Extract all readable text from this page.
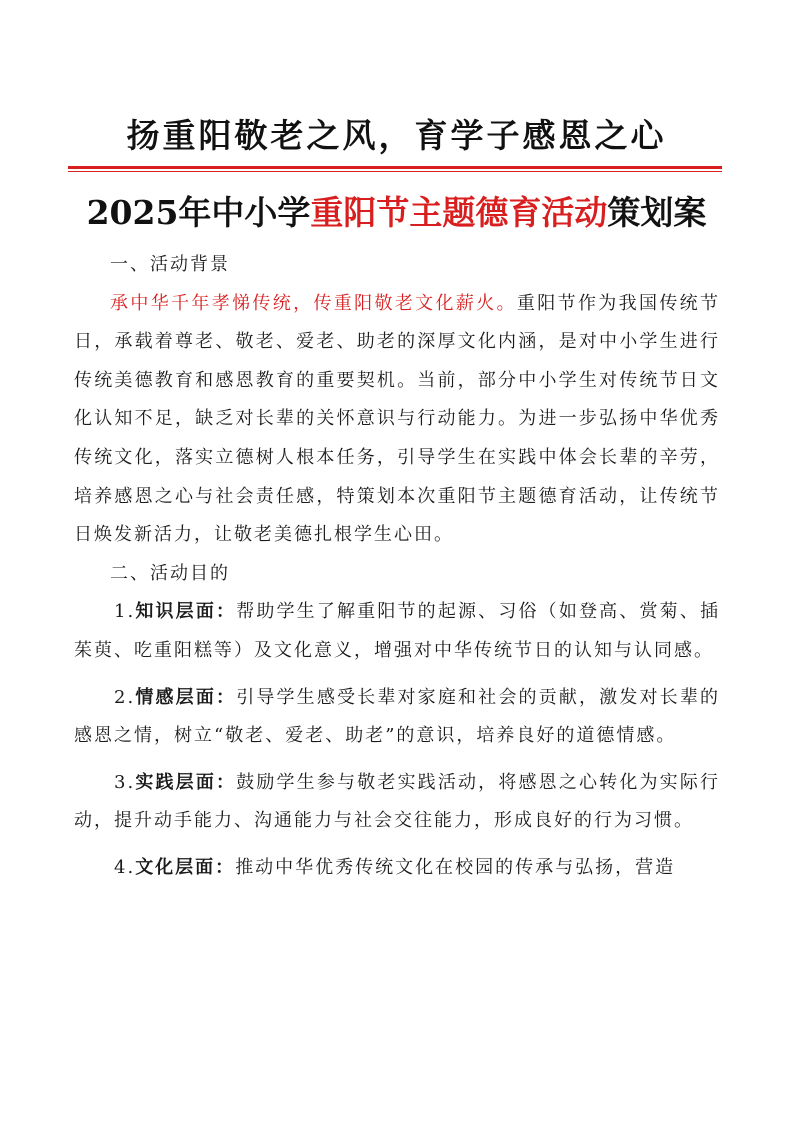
扬重阳敬老之风，育学子感恩之心
2025年中小学重阳节主题德育活动策划案

一、活动背景

承中华千年孝悌传统，传重阳敬老文化薪火。重阳节作为我国传统节日，承载着尊老、敬老、爱老、助老的深厚文化内涵，是对中小学生进行传统美德教育和感恩教育的重要契机。当前，部分中小学生对传统节日文化认知不足，缺乏对长辈的关怀意识与行动能力。为进一步弘扬中华优秀传统文化，落实立德树人根本任务，引导学生在实践中体会长辈的辛劳，培养感恩之心与社会责任感，特策划本次重阳节主题德育活动，让传统节日焕发新活力，让敬老美德扎根学生心田。

二、活动目的

1.知识层面：帮助学生了解重阳节的起源、习俗（如登高、赏菊、插茱萸、吃重阳糕等）及文化意义，增强对中华传统节日的认知与认同感。

2.情感层面：引导学生感受长辈对家庭和社会的贡献，激发对长辈的感恩之情，树立“敬老、爱老、助老”的意识，培养良好的道德情感。

3.实践层面：鼓励学生参与敬老实践活动，将感恩之心转化为实际行动，提升动手能力、沟通能力与社会交往能力，形成良好的行为习惯。

4.文化层面：推动中华优秀传统文化在校园的传承与弘扬，营造
